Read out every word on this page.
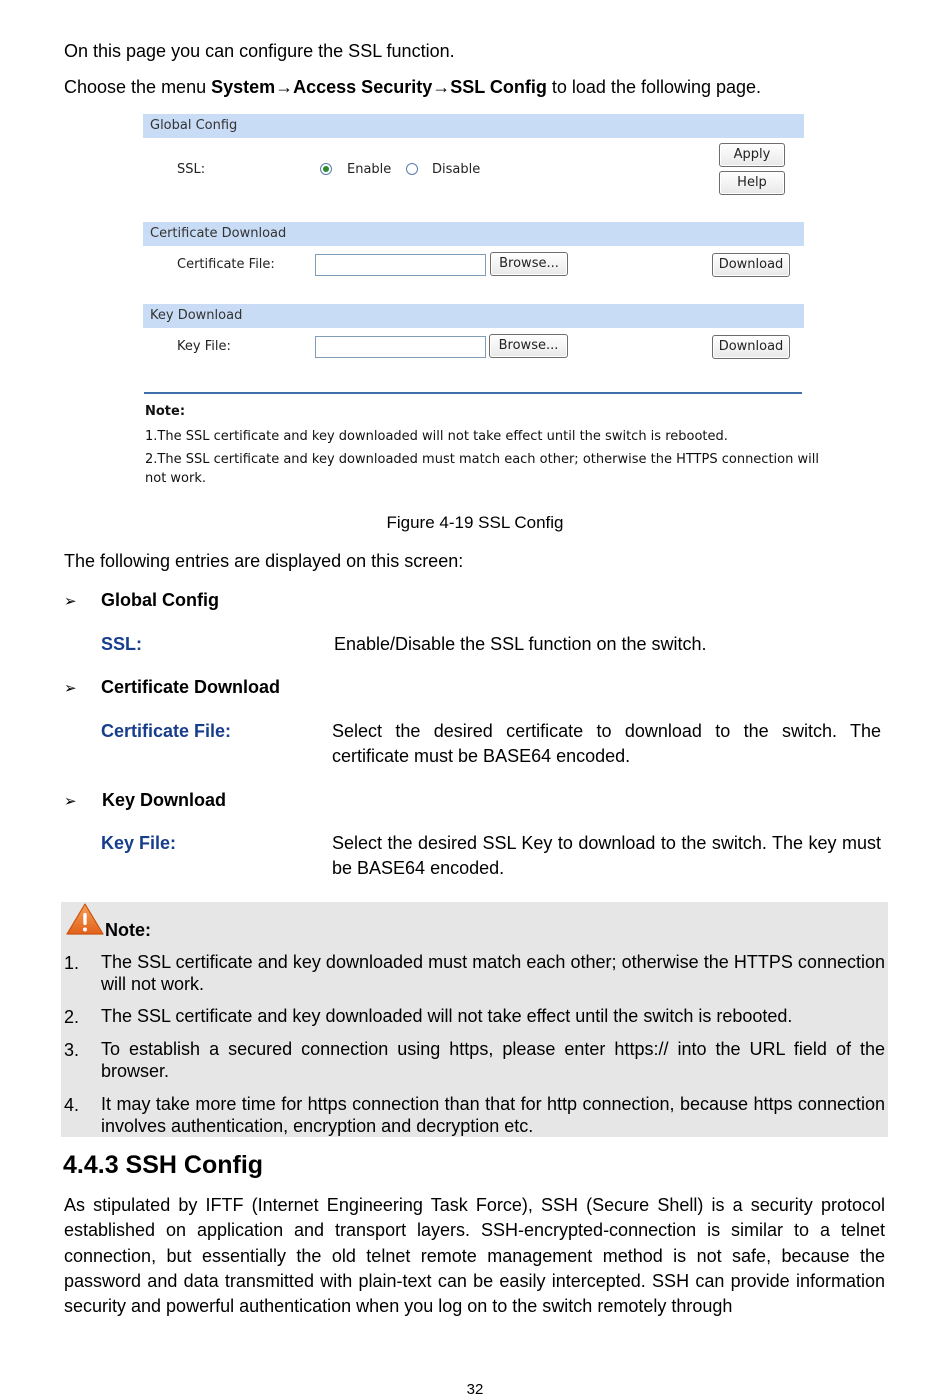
On this page you can configure the SSL function.
Choose the menu System→Access Security→SSL Config to load the following page.
Global Config
SSL:	Enable	Disable
Apply
Help
Certificate Download
Certificate File:	Browse...	Download
Key Download
Key File:	Browse...	Download
Note:
1.The SSL certificate and key downloaded will not take effect until the switch is rebooted.
2.The SSL certificate and key downloaded must match each other; otherwise the HTTPS connection will
not work.
Figure 4-19 SSL Config
The following entries are displayed on this screen:
➢ Global Config
SSL:	Enable/Disable the SSL function on the switch.
➢ Certificate Download
Certificate File:	Select the desired certificate to download to the switch. The certificate must be BASE64 encoded.
➢ Key Download
Key File:	Select the desired SSL Key to download to the switch. The key must be BASE64 encoded.
Note:
1. The SSL certificate and key downloaded must match each other; otherwise the HTTPS connection will not work.
2. The SSL certificate and key downloaded will not take effect until the switch is rebooted.
3. To establish a secured connection using https, please enter https:// into the URL field of the browser.
4. It may take more time for https connection than that for http connection, because https connection involves authentication, encryption and decryption etc.
4.4.3 SSH Config
As stipulated by IFTF (Internet Engineering Task Force), SSH (Secure Shell) is a security protocol established on application and transport layers. SSH-encrypted-connection is similar to a telnet connection, but essentially the old telnet remote management method is not safe, because the password and data transmitted with plain-text can be easily intercepted. SSH can provide information security and powerful authentication when you log on to the switch remotely through
32
